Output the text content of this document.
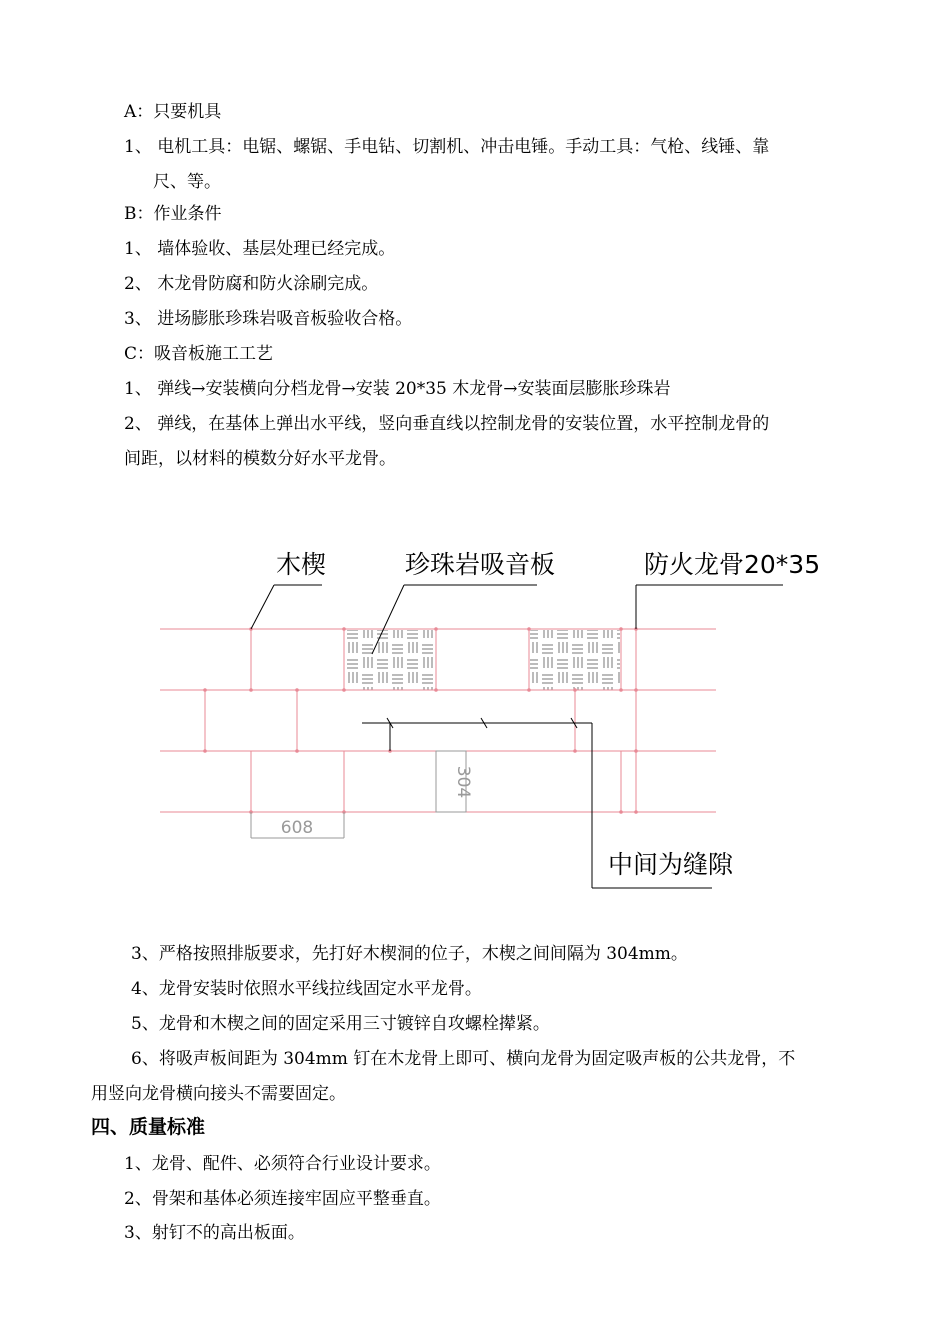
A：只要机具
1、 电机工具：电锯、螺锯、手电钻、切割机、冲击电锤。手动工具：气枪、线锤、靠
尺、等。
B：作业条件
1、 墙体验收、基层处理已经完成。
2、 木龙骨防腐和防火涂刷完成。
3、 进场膨胀珍珠岩吸音板验收合格。
C：吸音板施工工艺
1、 弹线→安装横向分档龙骨→安装 20*35 木龙骨→安装面层膨胀珍珠岩
2、 弹线，在基体上弹出水平线，竖向垂直线以控制龙骨的安装位置，水平控制龙骨的
间距，以材料的模数分好水平龙骨。
304
608
木楔	珍珠岩吸音板	防火龙骨20*35
中间为缝隙
3、严格按照排版要求，先打好木楔洞的位子，木楔之间间隔为 304mm。
4、龙骨安装时依照水平线拉线固定水平龙骨。
5、龙骨和木楔之间的固定采用三寸镀锌自攻螺栓撵紧。
6、将吸声板间距为 304mm 钉在木龙骨上即可、横向龙骨为固定吸声板的公共龙骨，不
用竖向龙骨横向接头不需要固定。
四、质量标准
1、龙骨、配件、必须符合行业设计要求。
2、骨架和基体必须连接牢固应平整垂直。
3、射钉不的高出板面。
